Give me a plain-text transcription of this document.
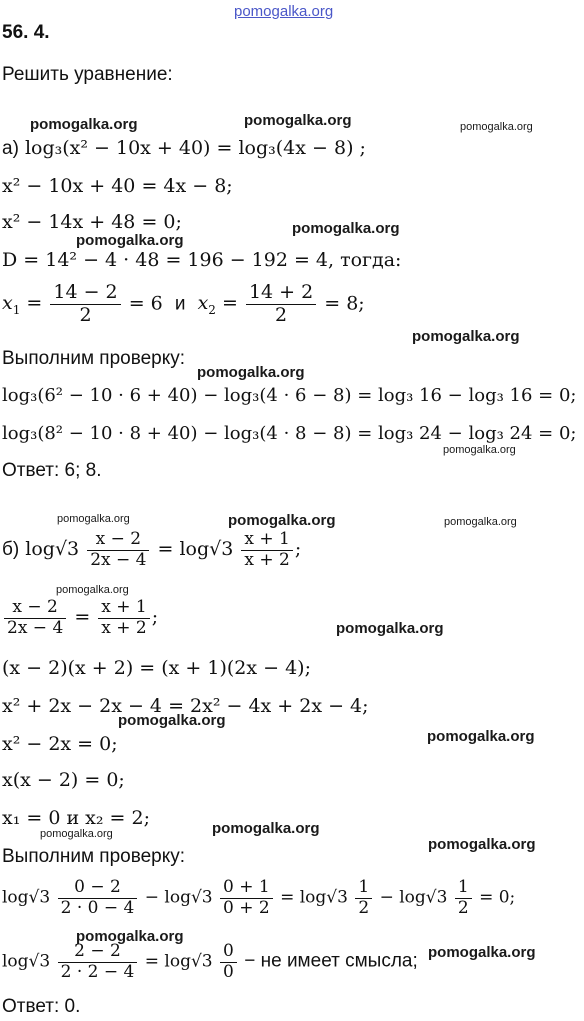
pomogalka.org
pomogalka.org	pomogalka.org	pomogalka.org
pomogalka.org
pomogalka.org
pomogalka.org
pomogalka.org
pomogalka.org
pomogalka.org	pomogalka.org	pomogalka.org
pomogalka.org
pomogalka.org
pomogalka.org
pomogalka.org
pomogalka.org	pomogalka.org
pomogalka.org
pomogalka.org
pomogalka.org
56. 4.
Решить уравнение:
а) log₃(x² − 10x + 40) = log₃(4x − 8) ;
x² − 10x + 40 = 4x − 8;
x² − 14x + 48 = 0;
D = 14² − 4 · 48 = 196 − 192 = 4, тогда:
$x_1 = \frac{14 - 2}{2} = 6$ и $x_2 = \frac{14 + 2}{2} = 8$;
Выполним проверку:
log₃(6² − 10 · 6 + 40) − log₃(4 · 6 − 8) = log₃ 16 − log₃ 16 = 0;
log₃(8² − 10 · 8 + 40) − log₃(4 · 8 − 8) = log₃ 24 − log₃ 24 = 0;
Ответ: 6; 8.
б) $\log√3 \frac{x - 2}{2x - 4} = \log√3 \frac{x + 1}{x + 2}$ ;
$\frac{x - 2}{2x - 4} = \frac{x + 1}{x + 2}$ ;
(x − 2)(x + 2) = (x + 1)(2x − 4);
x² + 2x − 2x − 4 = 2x² − 4x + 2x − 4;
x² − 2x = 0;
x(x − 2) = 0;
x₁ = 0 и x₂ = 2;
Выполним проверку:
$\log√3 \frac{0 - 2}{2 \cdot 0 - 4} - \log√3 \frac{0 + 1}{0 + 2} = \log√3 \frac{1}{2} - \log√3 \frac{1}{2} = 0$;
$\log√3 \frac{2 - 2}{2 \cdot 2 - 4} = \log√3 \frac{0}{0}$ − не имеет смысла;
Ответ: 0.
